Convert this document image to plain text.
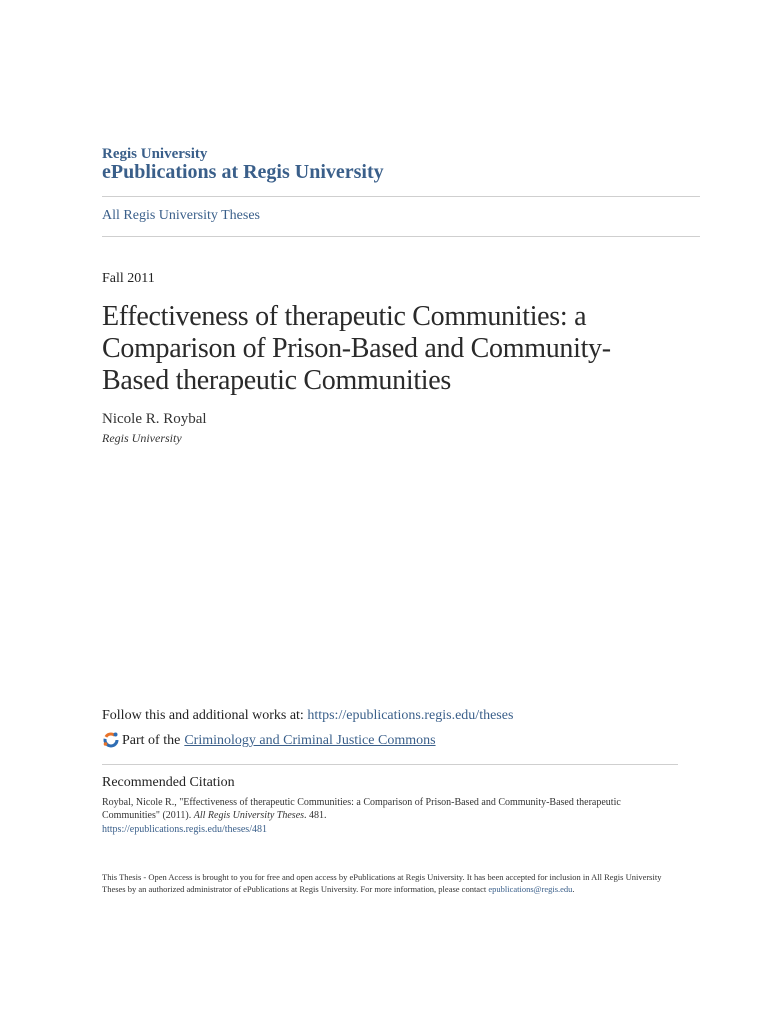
Regis University
ePublications at Regis University
All Regis University Theses
Fall 2011
Effectiveness of therapeutic Communities: a
Comparison of Prison-Based and Community-
Based therapeutic Communities
Nicole R. Roybal
Regis University
Follow this and additional works at: https://epublications.regis.edu/theses
Part of the Criminology and Criminal Justice Commons
Recommended Citation
Roybal, Nicole R., "Effectiveness of therapeutic Communities: a Comparison of Prison-Based and Community-Based therapeutic Communities" (2011). All Regis University Theses. 481.
https://epublications.regis.edu/theses/481
This Thesis - Open Access is brought to you for free and open access by ePublications at Regis University. It has been accepted for inclusion in All Regis University Theses by an authorized administrator of ePublications at Regis University. For more information, please contact epublications@regis.edu.
